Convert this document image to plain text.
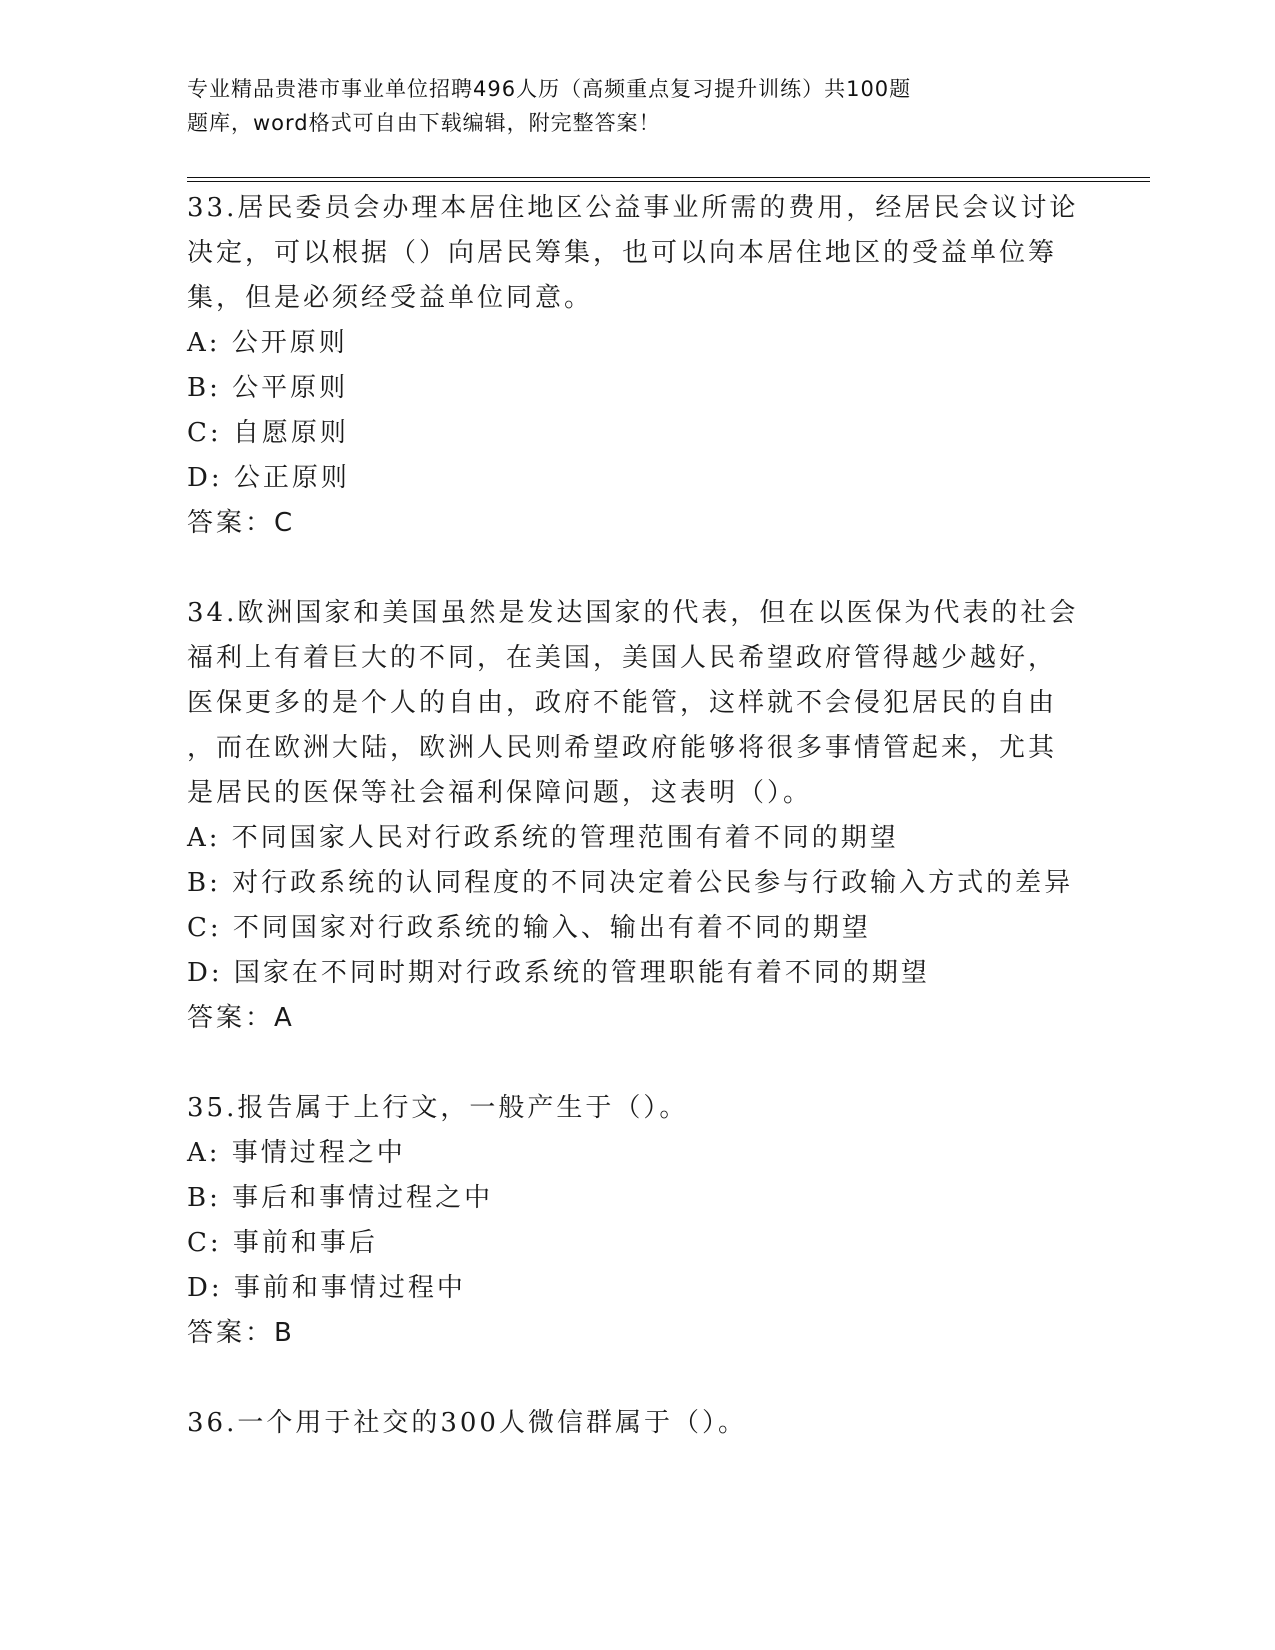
专业精品贵港市事业单位招聘496人历（高频重点复习提升训练）共100题
题库，word格式可自由下载编辑，附完整答案！
33.居民委员会办理本居住地区公益事业所需的费用，经居民会议讨论
决定，可以根据（）向居民筹集，也可以向本居住地区的受益单位筹
集，但是必须经受益单位同意。
A: 公开原则
B: 公平原则
C: 自愿原则
D: 公正原则
答案：C
34.欧洲国家和美国虽然是发达国家的代表，但在以医保为代表的社会
福利上有着巨大的不同，在美国，美国人民希望政府管得越少越好，
医保更多的是个人的自由，政府不能管，这样就不会侵犯居民的自由
，而在欧洲大陆，欧洲人民则希望政府能够将很多事情管起来，尤其
是居民的医保等社会福利保障问题，这表明（）。
A: 不同国家人民对行政系统的管理范围有着不同的期望
B: 对行政系统的认同程度的不同决定着公民参与行政输入方式的差异
C: 不同国家对行政系统的输入、输出有着不同的期望
D: 国家在不同时期对行政系统的管理职能有着不同的期望
答案：A
35.报告属于上行文，一般产生于（）。
A: 事情过程之中
B: 事后和事情过程之中
C: 事前和事后
D: 事前和事情过程中
答案：B
36.一个用于社交的300人微信群属于（）。
